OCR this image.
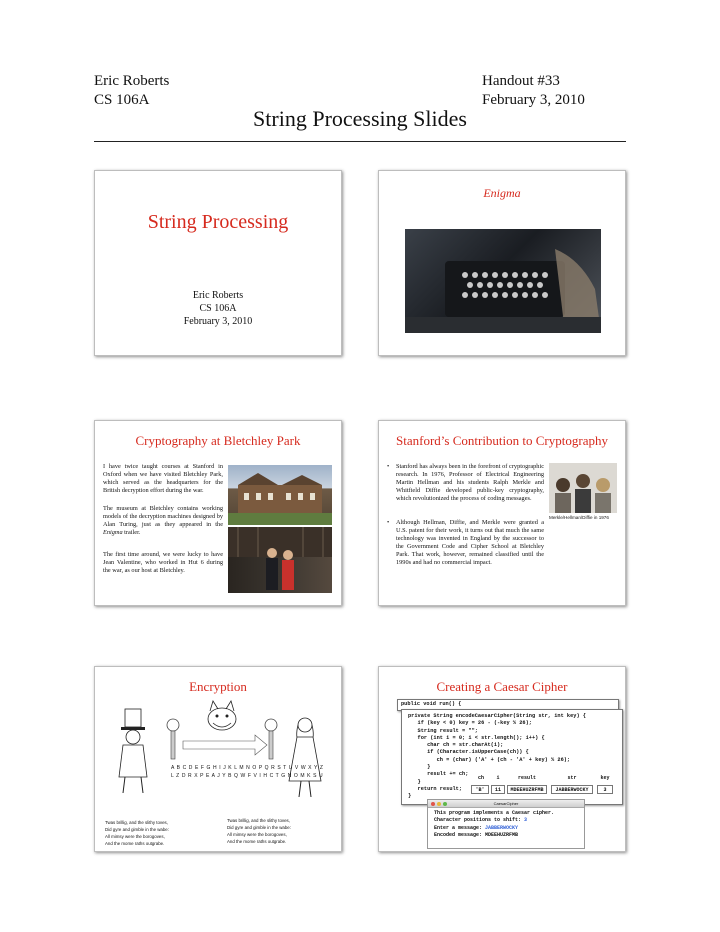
Eric Roberts
CS 106A
Handout #33
February 3, 2010
String Processing Slides
String Processing
Eric Roberts
CS 106A
February 3, 2010
Enigma
Cryptography at Bletchley Park
I have twice taught courses at Stanford in Oxford when we have visited Bletchley Park, which served as the headquarters for the British decryption effort during the war.
The museum at Bletchley contains working models of the decryption machines designed by Alan Turing, just as they appeared in the Enigma trailer.
The first time around, we were lucky to have Jean Valentine, who worked in Hut 6 during the war, as our host at Bletchley.
Stanford’s Contribution to Cryptography
•	Stanford has always been in the forefront of cryptographic research. In 1976, Professor of Electrical Engineering Martin Hellman and his students Ralph Merkle and Whitfield Diffie developed public-key cryptography, which revolutionized the process of coding messages.
•	Although Hellman, Diffie, and Merkle were granted a U.S. patent for their work, it turns out that much the same technology was invented in England by the successor to the Government Code and Cipher School at Bletchley Park. That work, however, remained classified until the 1990s and had no commercial impact.
Merkle/Hellman/Diffie in 1976
Encryption
A B C D E F G H I J K L M N O P Q R S T U V W X Y Z
L Z D R X P E A J Y B Q W F V I H C T G N O M K S U
Twas brillig, and the slithy toves,
Did gyre and gimble in the wabe:
All mimsy were the borogoves,
And the mome raths outgrabe.
Twas brillig, and the slithy toves,
Did gyre and gimble in the wabe:
All mimsy were the borogoves,
And the mome raths outgrabe.
Creating a Caesar Cipher
public void run() {
private String encodeCaesarCipher(String str, int key) {
if (key < 0) key = 26 - (-key % 26);
String result = "";
for (int i = 0; i < str.length(); i++) {
char ch = str.charAt(i);
if (Character.isUpperCase(ch)) {
ch = (char) ('A' + (ch - 'A' + key) % 26);
}
result += ch;
}
return result;
}
ch
'B'
i
11
result
MDEEHUZRFMB
str
JABBERWOCKY
key
3
CaesarCipher
This program implements a Caesar cipher.
Character positions to shift: 3
Enter a message: JABBERWOCKY
Encoded message: MDEEHUZRFMB
